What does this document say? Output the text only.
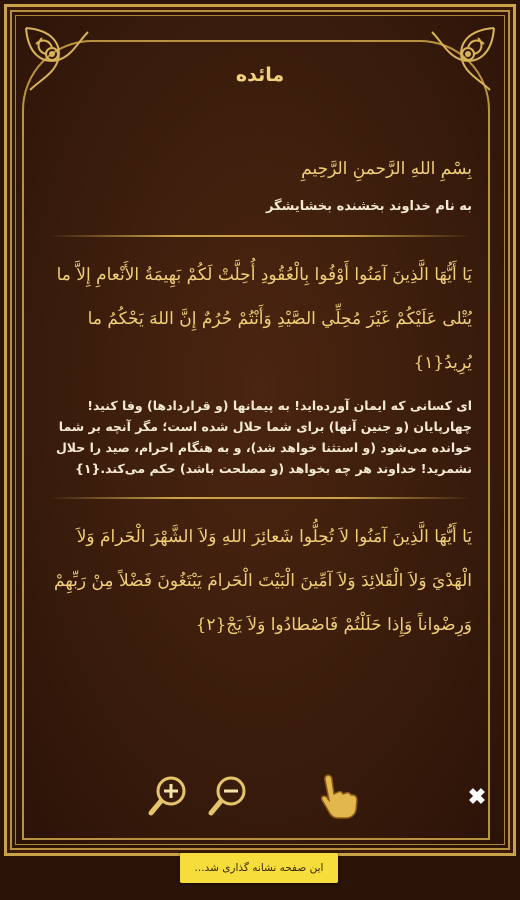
مائده
بِسْمِ اللهِ الرَّحمنِ الرَّحِيمِ
به نام خداوند بخشنده بخشایشگر
يَا أَيُّهَا الَّذِينَ آمَنُوا أَوْفُوا بِالْعُقُودِ أُحِلَّتْ لَكُمْ بَهِيمَةُ الأَنْعامِ إِلاَّ ما يُتْلى عَلَيْكُمْ غَيْرَ مُحِلِّي الصَّيْدِ وَأَنْتُمْ حُرُمٌ إِنَّ اللهَ يَحْكُمُ ما يُرِيدُ{١}
ای کسانی که ایمان آورده‌اید! به پیمانها (و قراردادها) وفا کنید! چهارپایان (و جنین آنها) برای شما حلال شده است؛ مگر آنچه بر شما خوانده می‌شود (و استثنا خواهد شد)، و به هنگام احرام، صید را حلال نشمرید! خداوند هر چه بخواهد (و مصلحت باشد) حکم می‌کند.{١}
يَا أَيُّهَا الَّذِينَ آمَنُوا لاَ تُحِلُّوا شَعائِرَ اللهِ وَلاَ الشَّهْرَ الْحَرامَ وَلاَ الْهَدْيَ وَلاَ الْقَلائِدَ وَلاَ آمِّينَ الْبَيْتَ الْحَرامَ يَبْتَغُونَ فَضْلاً مِنْ رَبِّهِمْ وَرِضْواناً وَإِذا حَلَلْتُمْ فَاصْطادُوا وَلاَ يَجْ{٢}
✖
این صفحه نشانه گذاری شد...
